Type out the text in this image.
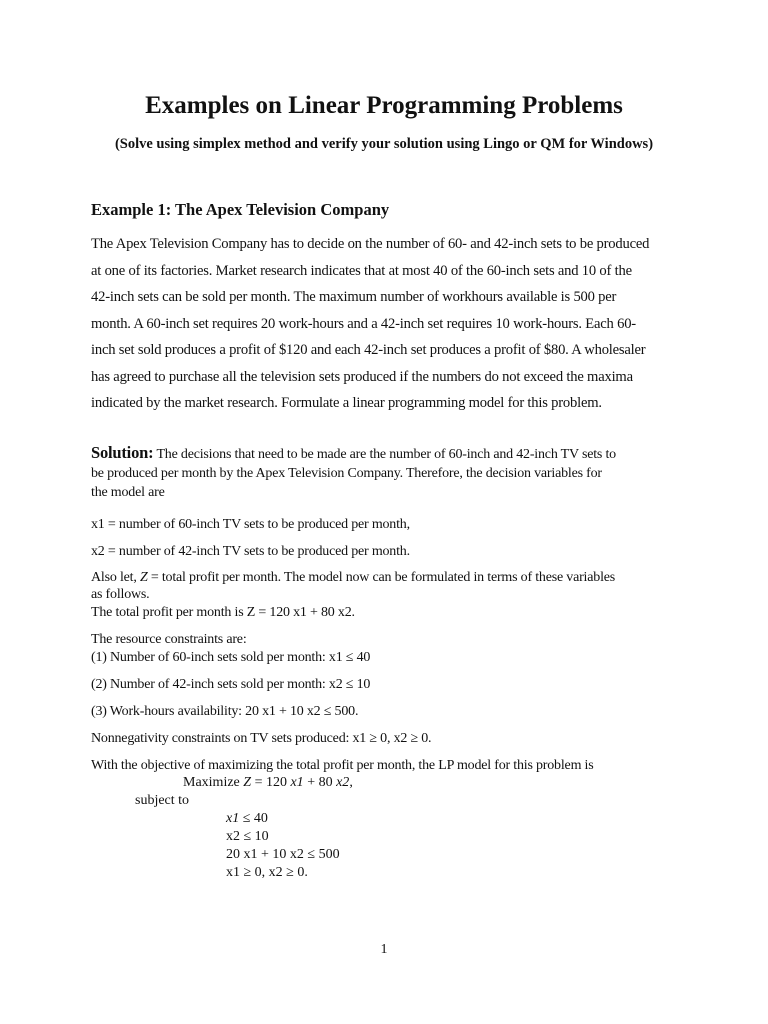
Examples on Linear Programming Problems
(Solve using simplex method and verify your solution using Lingo or QM for Windows)
Example 1: The Apex Television Company
The Apex Television Company has to decide on the number of 60- and 42-inch sets to be produced
at one of its factories. Market research indicates that at most 40 of the 60-inch sets and 10 of the
42-inch sets can be sold per month. The maximum number of workhours available is 500 per
month. A 60-inch set requires 20 work-hours and a 42-inch set requires 10 work-hours. Each 60-
inch set sold produces a profit of $120 and each 42-inch set produces a profit of $80. A wholesaler
has agreed to purchase all the television sets produced if the numbers do not exceed the maxima
indicated by the market research. Formulate a linear programming model for this problem.
Solution: The decisions that need to be made are the number of 60-inch and 42-inch TV sets to
be produced per month by the Apex Television Company. Therefore, the decision variables for
the model are
x1 = number of 60-inch TV sets to be produced per month,
x2 = number of 42-inch TV sets to be produced per month.
Also let, Z = total profit per month. The model now can be formulated in terms of these variables
as follows.
The total profit per month is Z = 120 x1 + 80 x2.
The resource constraints are:
(1) Number of 60-inch sets sold per month: x1 ≤ 40
(2) Number of 42-inch sets sold per month: x2 ≤ 10
(3) Work-hours availability: 20 x1 + 10 x2 ≤ 500.
Nonnegativity constraints on TV sets produced: x1 ≥ 0, x2 ≥ 0.
With the objective of maximizing the total profit per month, the LP model for this problem is
Maximize Z = 120 x1 + 80 x2,
subject to
x1 ≤ 40
x2 ≤ 10
20 x1 + 10 x2 ≤ 500
x1 ≥ 0, x2 ≥ 0.
1
